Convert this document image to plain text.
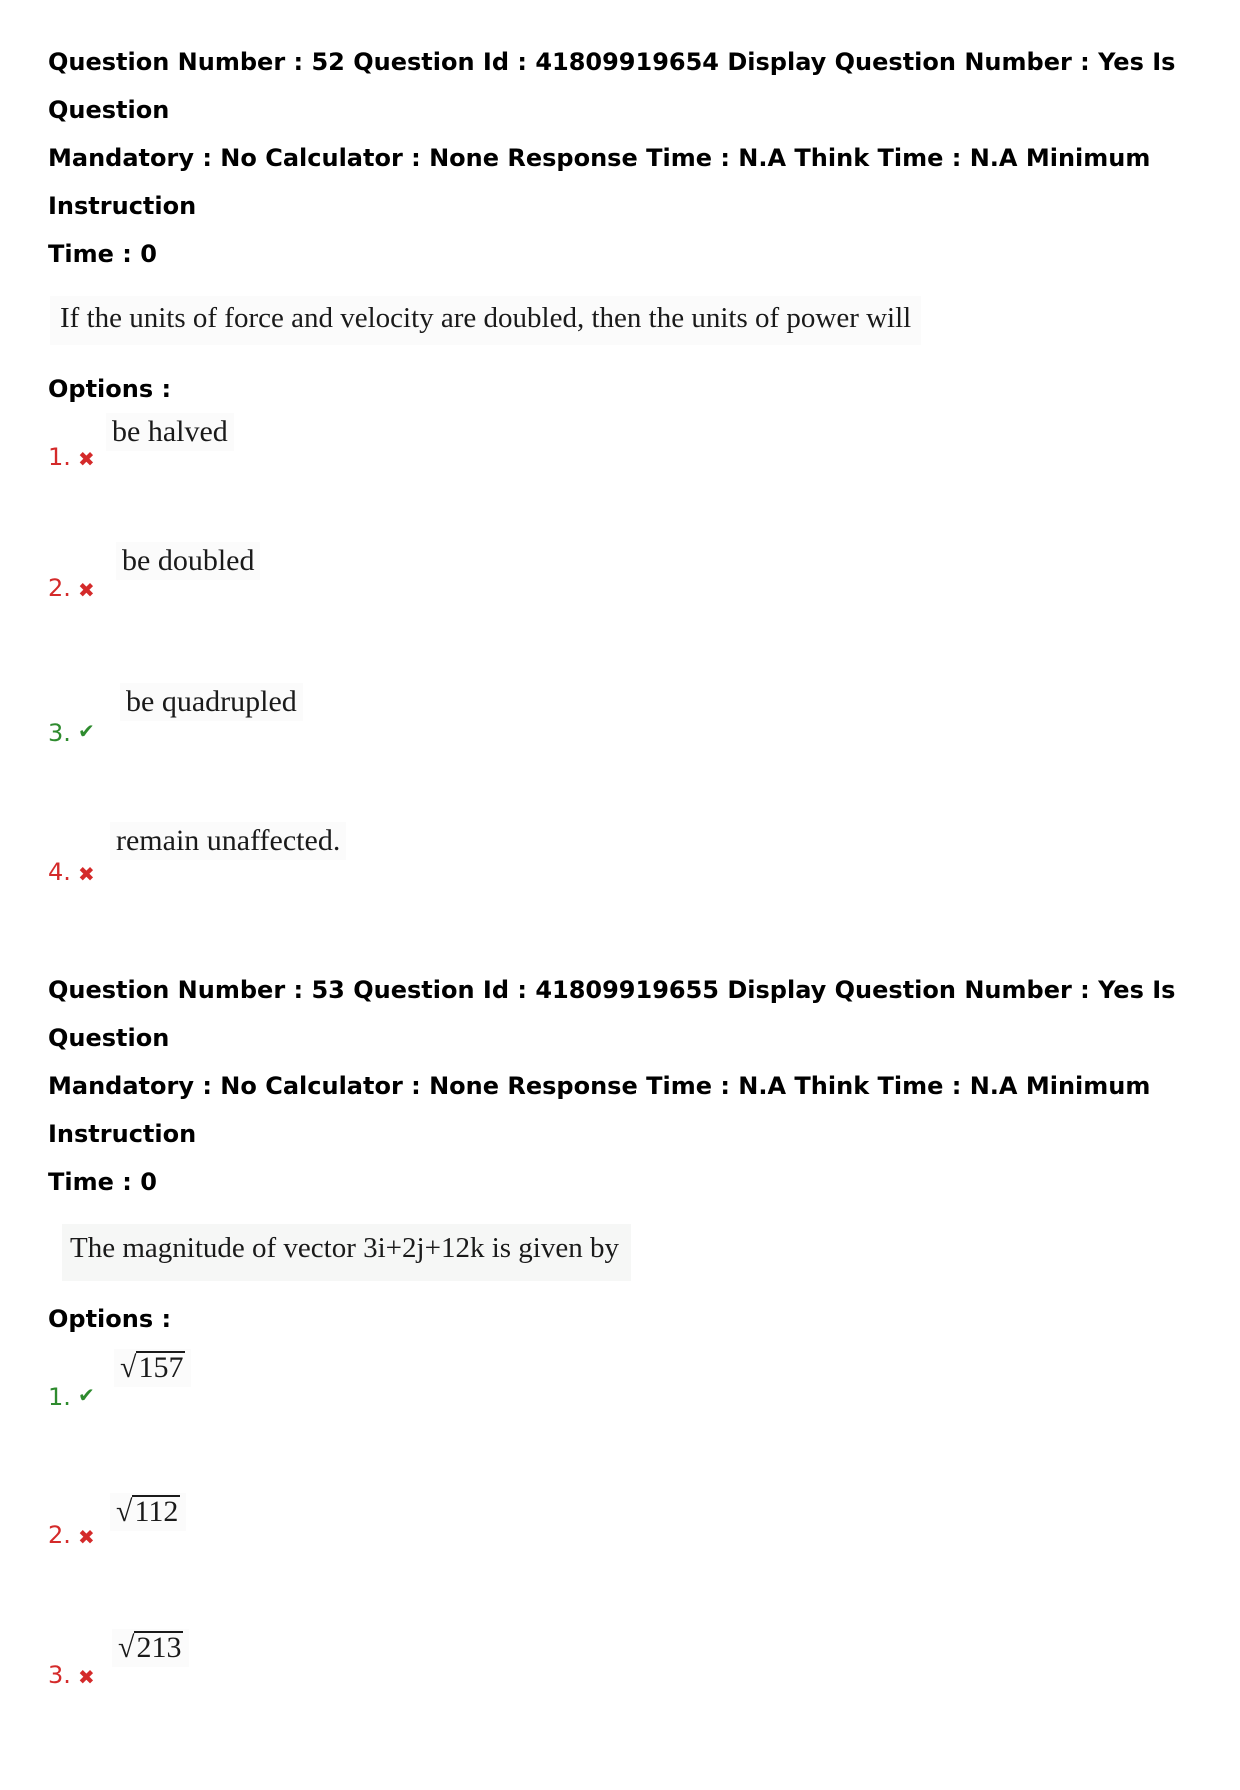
Question Number : 52 Question Id : 41809919654 Display Question Number : Yes Is Question

Mandatory : No Calculator : None Response Time : N.A Think Time : N.A Minimum Instruction

Time : 0

If the units of force and velocity are doubled, then the units of power will

Options :

1. ✖
be halved
2. ✖
be doubled
3. ✔
be quadrupled
4. ✖
remain unaffected.

Question Number : 53 Question Id : 41809919655 Display Question Number : Yes Is Question

Mandatory : No Calculator : None Response Time : N.A Think Time : N.A Minimum Instruction

Time : 0

The magnitude of vector 3i+2j+12k is given by

Options :

1. ✔
√157
2. ✖
√112
3. ✖
√213
